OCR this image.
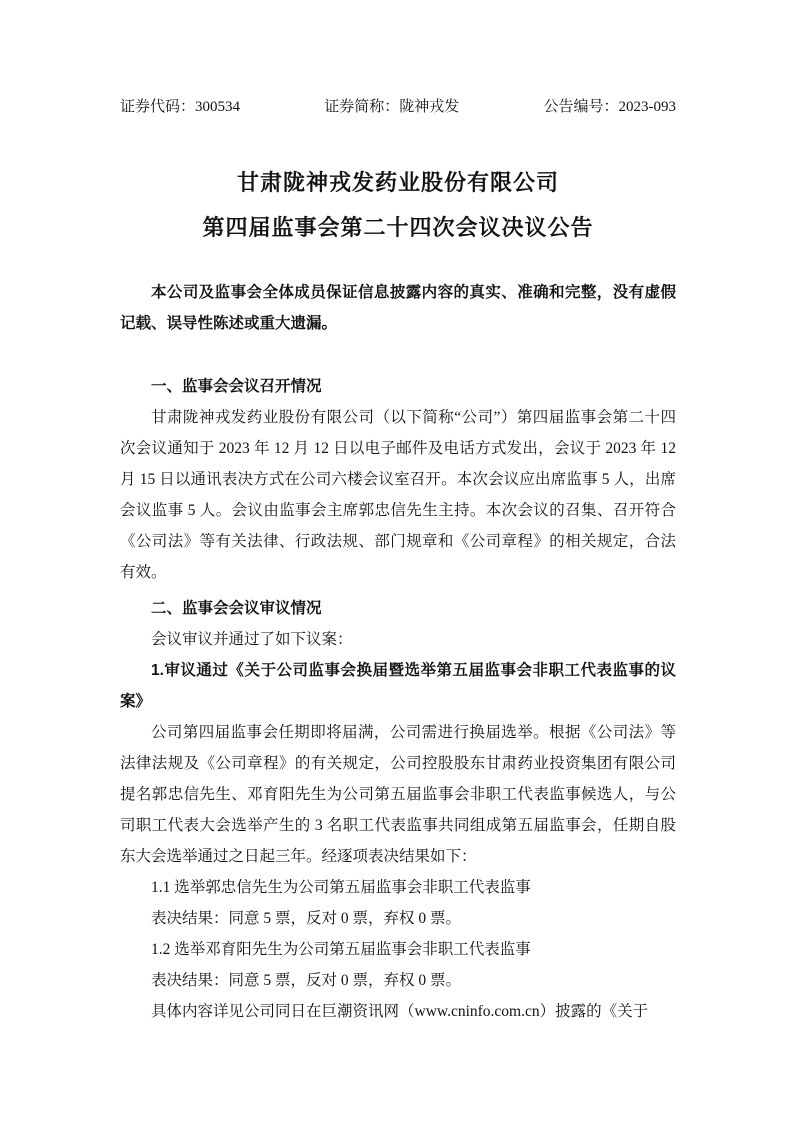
证券代码：300534	证券简称：陇神戎发	公告编号：2023-093
甘肃陇神戎发药业股份有限公司
第四届监事会第二十四次会议决议公告

本公司及监事会全体成员保证信息披露内容的真实、准确和完整，没有虚假记载、误导性陈述或重大遗漏。

一、监事会会议召开情况

甘肃陇神戎发药业股份有限公司（以下简称“公司”）第四届监事会第二十四次会议通知于 2023 年 12 月 12 日以电子邮件及电话方式发出，会议于 2023 年 12 月 15 日以通讯表决方式在公司六楼会议室召开。本次会议应出席监事 5 人，出席会议监事 5 人。会议由监事会主席郭忠信先生主持。本次会议的召集、召开符合《公司法》等有关法律、行政法规、部门规章和《公司章程》的相关规定，合法有效。

二、监事会会议审议情况

会议审议并通过了如下议案：

1.审议通过《关于公司监事会换届暨选举第五届监事会非职工代表监事的议案》

公司第四届监事会任期即将届满，公司需进行换届选举。根据《公司法》等法律法规及《公司章程》的有关规定，公司控股股东甘肃药业投资集团有限公司提名郭忠信先生、邓育阳先生为公司第五届监事会非职工代表监事候选人，与公司职工代表大会选举产生的 3 名职工代表监事共同组成第五届监事会，任期自股东大会选举通过之日起三年。经逐项表决结果如下：

1.1 选举郭忠信先生为公司第五届监事会非职工代表监事

表决结果：同意 5 票，反对 0 票，弃权 0 票。

1.2 选举邓育阳先生为公司第五届监事会非职工代表监事

表决结果：同意 5 票，反对 0 票，弃权 0 票。

具体内容详见公司同日在巨潮资讯网（www.cninfo.com.cn）披露的《关于
